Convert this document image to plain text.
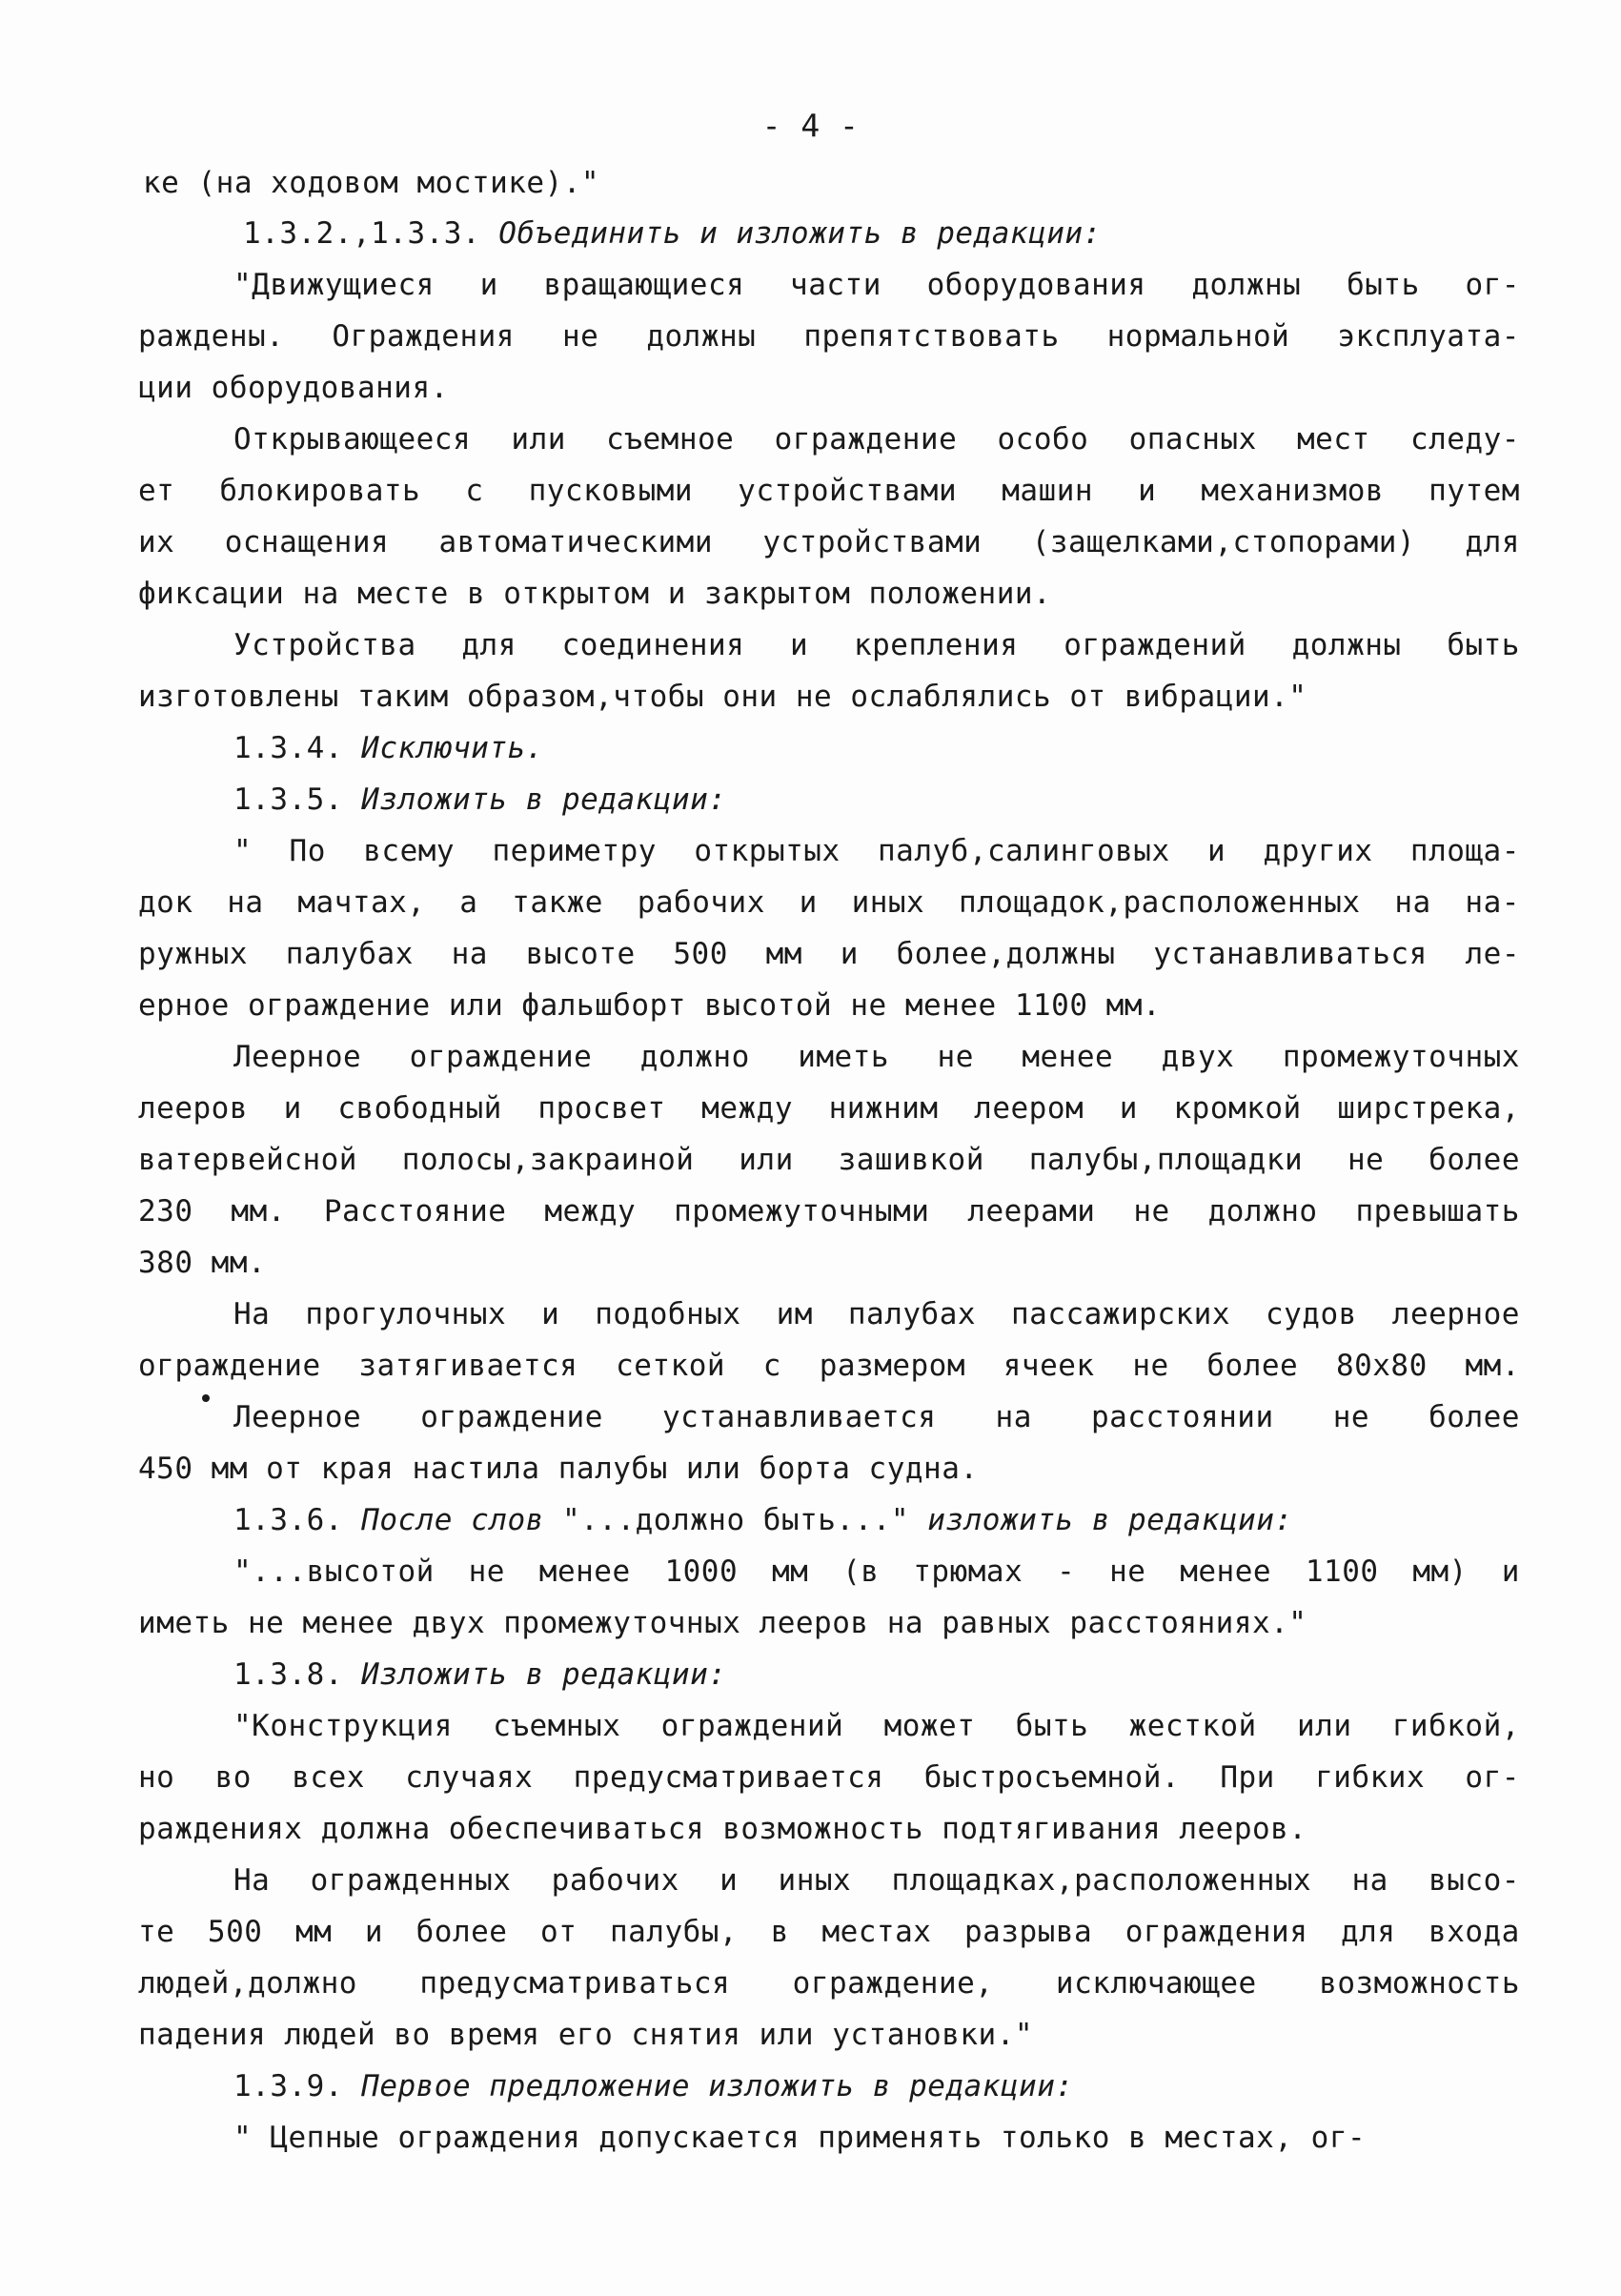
- 4 -
ке (на ходовом мостике)."
1.3.2.,1.3.3. Объединить и изложить в редакции:
"Движущиеся и вращающиеся части оборудования должны быть ог-
раждены. Ограждения не должны препятствовать нормальной эксплуата-
ции оборудования.
Открывающееся или съемное ограждение особо опасных мест следу-
ет блокировать с пусковыми устройствами машин и механизмов путем
их оснащения автоматическими устройствами (защелками,стопорами) для
фиксации на месте в открытом и закрытом положении.
Устройства для соединения и крепления ограждений должны быть
изготовлены таким образом,чтобы они не ослаблялись от вибрации."
1.3.4. Исключить.
1.3.5. Изложить в редакции:
" По всему периметру открытых палуб,салинговых и других площа-
док на мачтах, а также рабочих и иных площадок,расположенных на на-
ружных палубах на высоте 500 мм и более,должны устанавливаться ле-
ерное ограждение или фальшборт высотой не менее 1100 мм.
Леерное ограждение должно иметь не менее двух промежуточных
лееров и свободный просвет между нижним леером и кромкой ширстрека,
ватервейсной полосы,закраиной или зашивкой палубы,площадки не более
230 мм. Расстояние между промежуточными леерами не должно превышать
380 мм.
На прогулочных и подобных им палубах пассажирских судов леерное
ограждение затягивается сеткой с размером ячеек не более 80х80 мм.
Леерное ограждение устанавливается на расстоянии не более
450 мм от края настила палубы или борта судна.
1.3.6. После слов "...должно быть..." изложить в редакции:
"...высотой не менее 1000 мм (в трюмах - не менее 1100 мм) и
иметь не менее двух промежуточных лееров на равных расстояниях."
1.3.8. Изложить в редакции:
"Конструкция съемных ограждений может быть жесткой или гибкой,
но во всех случаях предусматривается быстросъемной. При гибких ог-
раждениях должна обеспечиваться возможность подтягивания лееров.
На огражденных рабочих и иных площадках,расположенных на высо-
те 500 мм и более от палубы, в местах разрыва ограждения для входа
людей,должно предусматриваться ограждение, исключающее возможность
падения людей во время его снятия или установки."
1.3.9. Первое предложение изложить в редакции:
" Цепные ограждения допускается применять только в местах, ог-
